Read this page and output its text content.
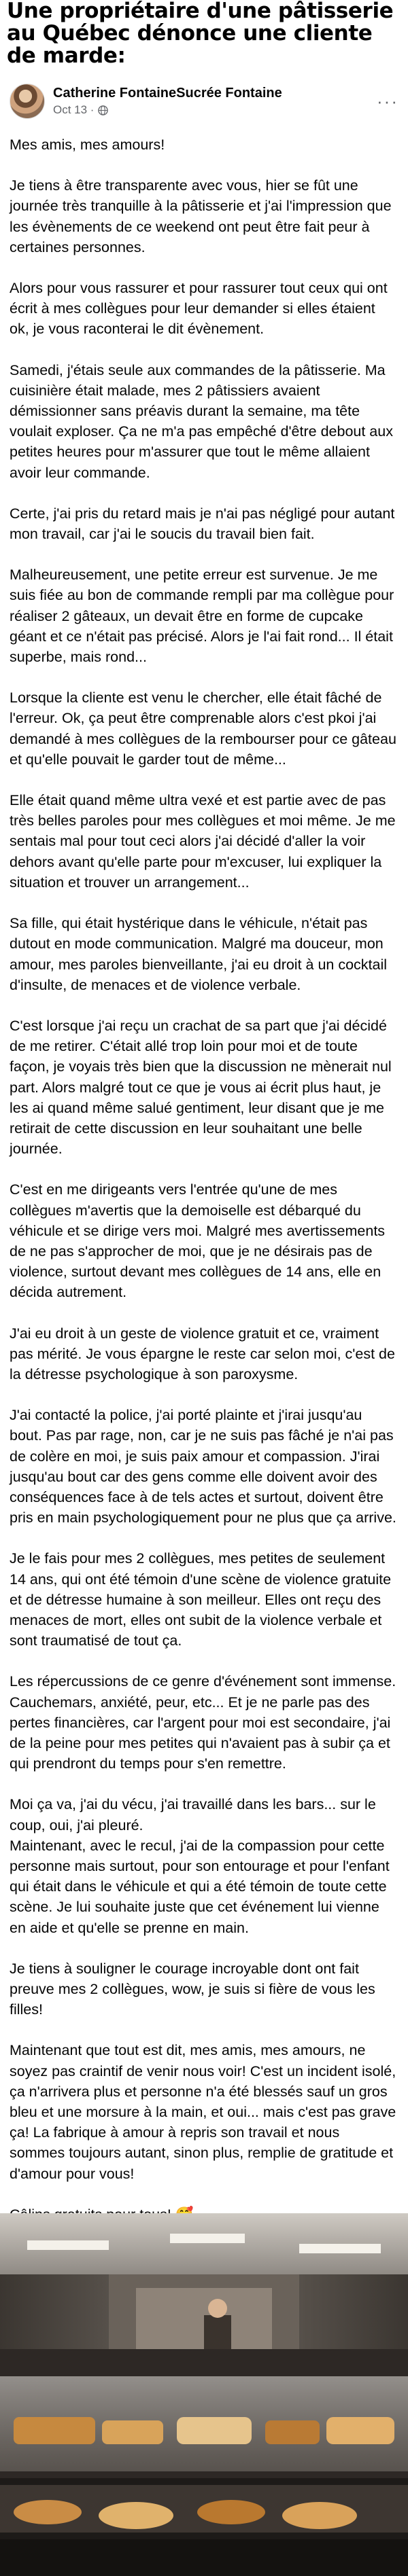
Une propriétaire d'une pâtisserie au Québec dénonce une cliente de marde:
Catherine FontaineSucrée Fontaine
Oct 13 ·	···

Mes amis, mes amours!

Je tiens à être transparente avec vous, hier se fût une journée très tranquille à la pâtisserie et j'ai l'impression que les évènements de ce weekend ont peut être fait peur à certaines personnes.

Alors pour vous rassurer et pour rassurer tout ceux qui ont écrit à mes collègues pour leur demander si elles étaient ok, je vous raconterai le dit évènement.

Samedi, j'étais seule aux commandes de la pâtisserie. Ma cuisinière était malade, mes 2 pâtissiers avaient démissionner sans préavis durant la semaine, ma tête voulait exploser. Ça ne m'a pas empêché d'être debout aux petites heures pour m'assurer que tout le même allaient avoir leur commande.

Certe, j'ai pris du retard mais je n'ai pas négligé pour autant mon travail, car j'ai le soucis du travail bien fait.

Malheureusement, une petite erreur est survenue. Je me suis fiée au bon de commande rempli par ma collègue pour réaliser 2 gâteaux, un devait être en forme de cupcake géant et ce n'était pas précisé. Alors je l'ai fait rond... Il était superbe, mais rond...

Lorsque la cliente est venu le chercher, elle était fâché de l'erreur. Ok, ça peut être comprenable alors c'est pkoi j'ai demandé à mes collègues de la rembourser pour ce gâteau et qu'elle pouvait le garder tout de même...

Elle était quand même ultra vexé et est partie avec de pas très belles paroles pour mes collègues et moi même. Je me sentais mal pour tout ceci alors j'ai décidé d'aller la voir dehors avant qu'elle parte pour m'excuser, lui expliquer la situation et trouver un arrangement...

Sa fille, qui était hystérique dans le véhicule, n'était pas dutout en mode communication. Malgré ma douceur, mon amour, mes paroles bienveillante, j'ai eu droit à un cocktail d'insulte, de menaces et de violence verbale.

C'est lorsque j'ai reçu un crachat de sa part que j'ai décidé de me retirer. C'était allé trop loin pour moi et de toute façon, je voyais très bien que la discussion ne mènerait nul part. Alors malgré tout ce que je vous ai écrit plus haut, je les ai quand même salué gentiment, leur disant que je me retirait de cette discussion en leur souhaitant une belle journée.

C'est en me dirigeants vers l'entrée qu'une de mes collègues m'avertis que la demoiselle est débarqué du véhicule et se dirige vers moi. Malgré mes avertissements de ne pas s'approcher de moi, que je ne désirais pas de violence, surtout devant mes collègues de 14 ans, elle en décida autrement.

J'ai eu droit à un geste de violence gratuit et ce, vraiment pas mérité. Je vous épargne le reste car selon moi, c'est de la détresse psychologique à son paroxysme.

J'ai contacté la police, j'ai porté plainte et j'irai jusqu'au bout. Pas par rage, non, car je ne suis pas fâché je n'ai pas de colère en moi, je suis paix amour et compassion. J'irai jusqu'au bout car des gens comme elle doivent avoir des conséquences face à de tels actes et surtout, doivent être pris en main psychologiquement pour ne plus que ça arrive.

Je le fais pour mes 2 collègues, mes petites de seulement 14 ans, qui ont été témoin d'une scène de violence gratuite et de détresse humaine à son meilleur. Elles ont reçu des menaces de mort, elles ont subit de la violence verbale et sont traumatisé de tout ça.

Les répercussions de ce genre d'événement sont immense. Cauchemars, anxiété, peur, etc... Et je ne parle pas des pertes financières, car l'argent pour moi est secondaire, j'ai de la peine pour mes petites qui n'avaient pas à subir ça et qui prendront du temps pour s'en remettre.

Moi ça va, j'ai du vécu, j'ai travaillé dans les bars... sur le coup, oui, j'ai pleuré.
Maintenant, avec le recul, j'ai de la compassion pour cette personne mais surtout, pour son entourage et pour l'enfant qui était dans le véhicule et qui a été témoin de toute cette scène. Je lui souhaite juste que cet événement lui vienne en aide et qu'elle se prenne en main.

Je tiens à souligner le courage incroyable dont ont fait preuve mes 2 collègues, wow, je suis si fière de vous les filles!

Maintenant que tout est dit, mes amis, mes amours, ne soyez pas craintif de venir nous voir! C'est un incident isolé, ça n'arrivera plus et personne n'a été blessés sauf un gros bleu et une morsure à la main, et oui... mais c'est pas grave ça! La fabrique à amour à repris son travail et nous sommes toujours autant, sinon plus, remplie de gratitude et d'amour pour vous!
